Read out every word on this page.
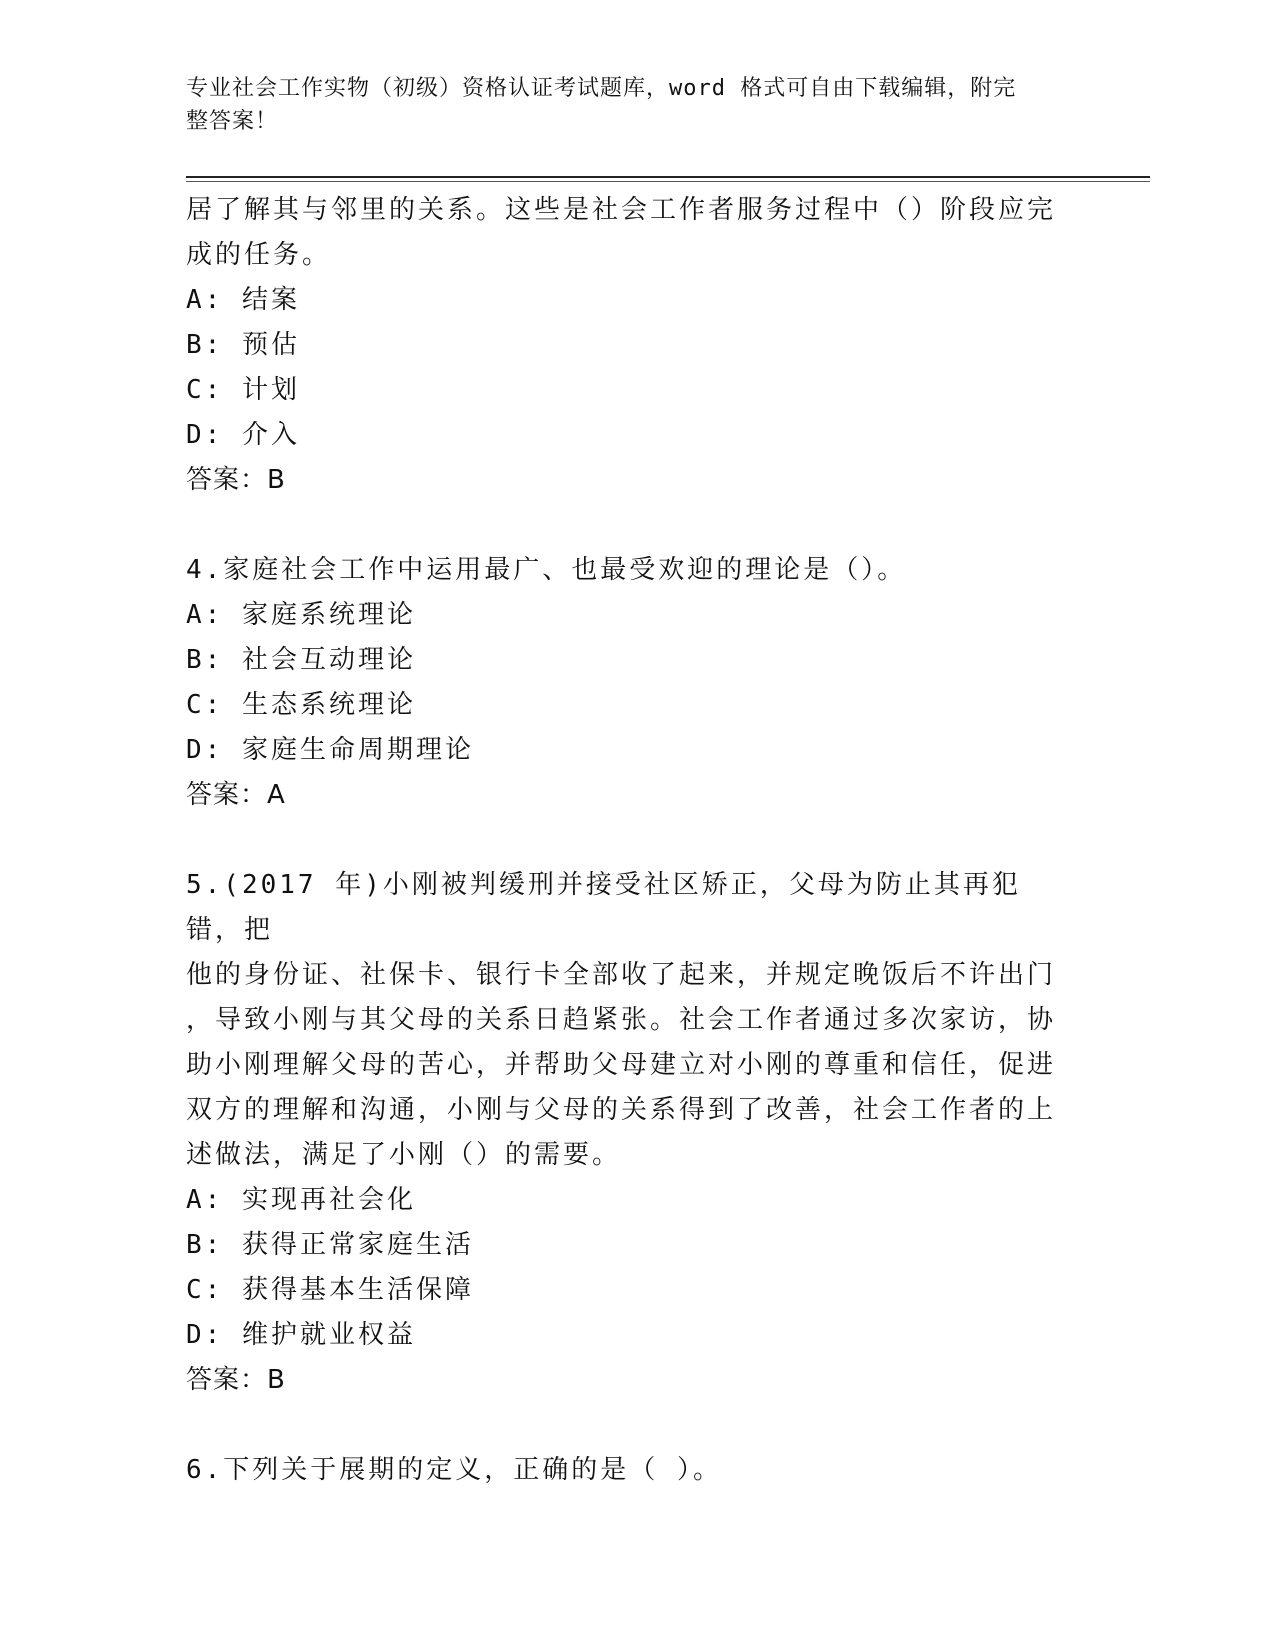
专业社会工作实物（初级）资格认证考试题库，word 格式可自由下载编辑，附完
整答案！

居了解其与邻里的关系。这些是社会工作者服务过程中（）阶段应完

成的任务。

A: 结案

B: 预估

C: 计划

D: 介入

答案：B

4.家庭社会工作中运用最广、也最受欢迎的理论是（）。

A: 家庭系统理论

B: 社会互动理论

C: 生态系统理论

D: 家庭生命周期理论

答案：A

5.(2017 年)小刚被判缓刑并接受社区矫正，父母为防止其再犯错，把

他的身份证、社保卡、银行卡全部收了起来，并规定晚饭后不许出门

，导致小刚与其父母的关系日趋紧张。社会工作者通过多次家访，协

助小刚理解父母的苦心，并帮助父母建立对小刚的尊重和信任，促进

双方的理解和沟通，小刚与父母的关系得到了改善，社会工作者的上

述做法，满足了小刚（）的需要。

A: 实现再社会化

B: 获得正常家庭生活

C: 获得基本生活保障

D: 维护就业权益

答案：B

6.下列关于展期的定义，正确的是（ ）。
